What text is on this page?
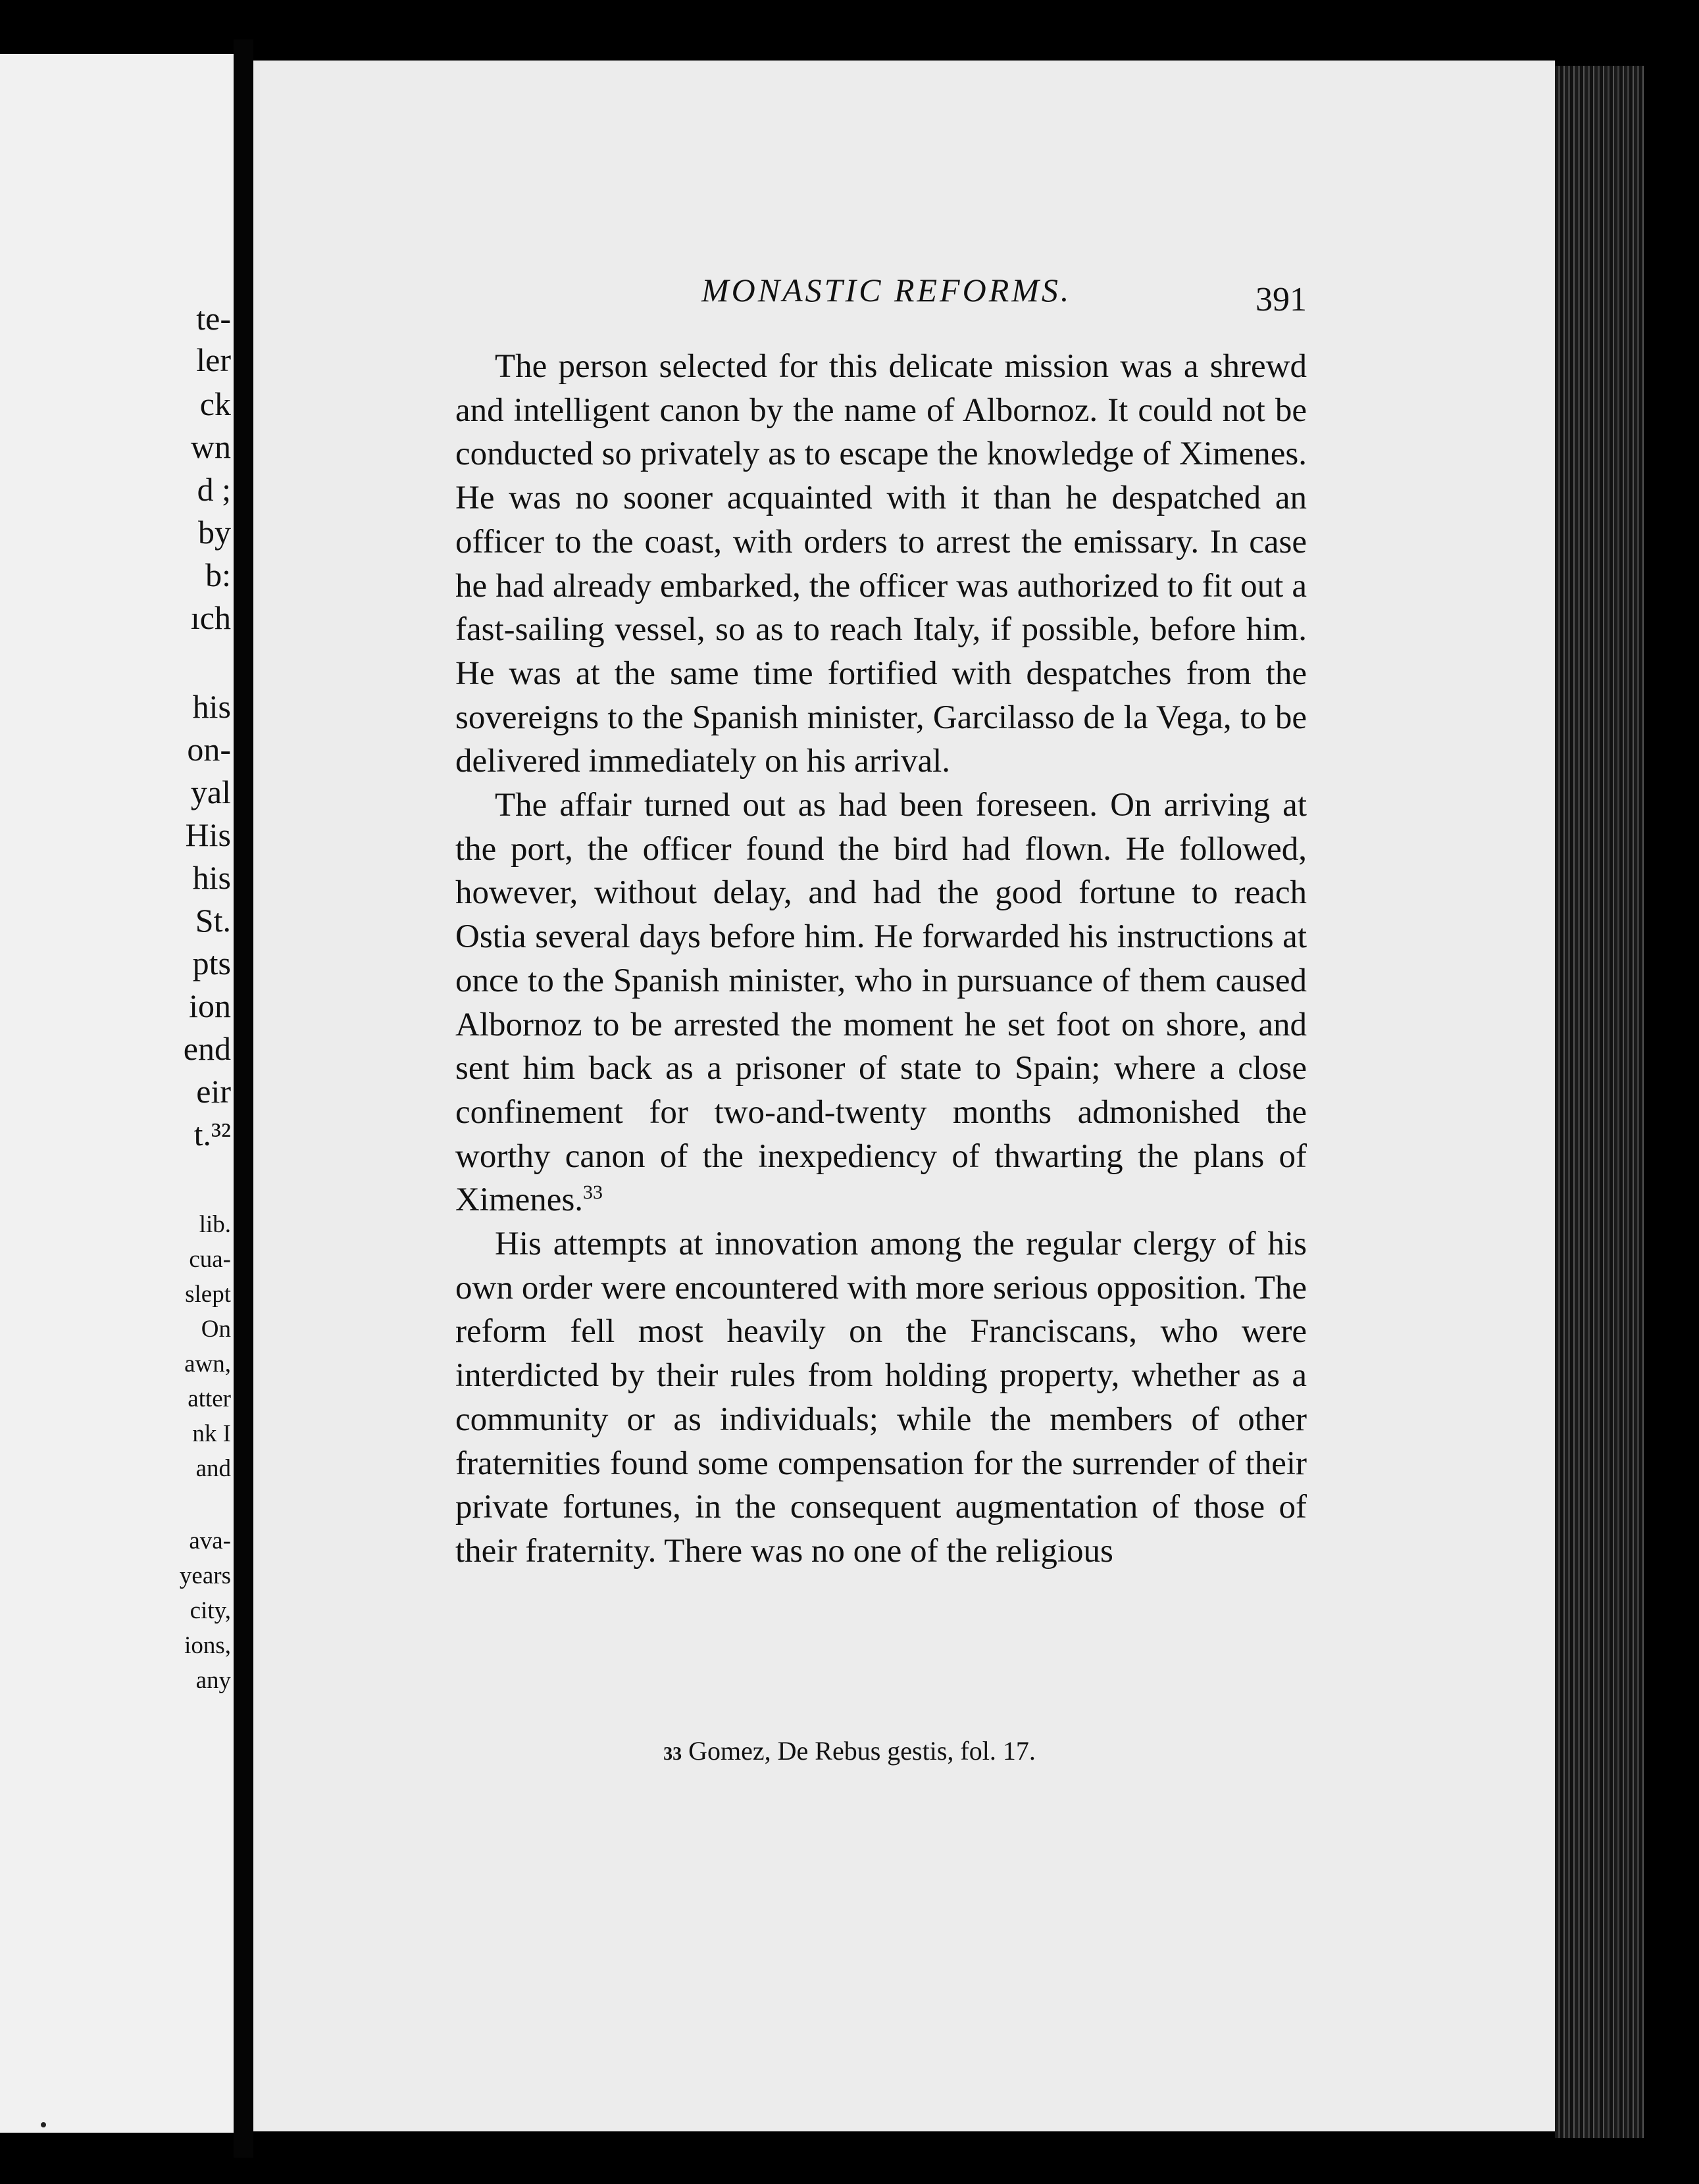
te-
ler
ck
wn
d ;
by
b:
ıch
his
on-
yal
His
his
St.
pts
ion
end
eir
t.³²
lib.
cua-
slept
On
awn,
atter
nk I
and
ava-
years
city,
ions,
any
MONASTIC REFORMS.	391

The person selected for this delicate mission was a shrewd and intelligent canon by the name of Albornoz. It could not be conducted so privately as to escape the knowledge of Ximenes. He was no sooner acquainted with it than he despatched an officer to the coast, with orders to arrest the emissary. In case he had already embarked, the officer was authorized to fit out a fast-sailing vessel, so as to reach Italy, if possible, before him. He was at the same time fortified with despatches from the sovereigns to the Spanish minister, Garcilasso de la Vega, to be delivered immediately on his arrival.

The affair turned out as had been foreseen. On arriving at the port, the officer found the bird had flown. He followed, however, without delay, and had the good fortune to reach Ostia several days before him. He forwarded his instructions at once to the Spanish minister, who in pursuance of them caused Albornoz to be arrested the moment he set foot on shore, and sent him back as a prisoner of state to Spain; where a close confinement for two-and-twenty months admonished the worthy canon of the inexpediency of thwarting the plans of Ximenes.$^{33}$

His attempts at innovation among the regular clergy of his own order were encountered with more serious opposition. The reform fell most heavily on the Franciscans, who were interdicted by their rules from holding property, whether as a community or as individuals; while the members of other fraternities found some compensation for the surrender of their private fortunes, in the consequent augmentation of those of their fraternity. There was no one of the religious

33 Gomez, De Rebus gestis, fol. 17.
